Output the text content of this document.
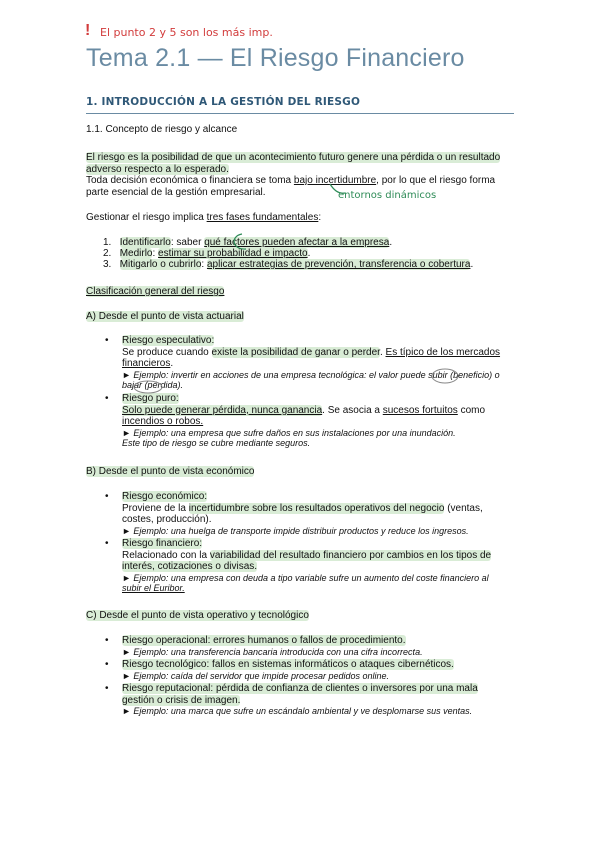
! El punto 2 y 5 son los más imp.
Tema 2.1 — El Riesgo Financiero
1. INTRODUCCIÓN A LA GESTIÓN DEL RIESGO
1.1. Concepto de riesgo y alcance
El riesgo es la posibilidad de que un acontecimiento futuro genere una pérdida o un resultado
adverso respecto a lo esperado.
Toda decisión económica o financiera se toma bajo incertidumbre, por lo que el riesgo forma
parte esencial de la gestión empresarial.	entornos dinámicos
Gestionar el riesgo implica tres fases fundamentales:
1. Identificarlo: saber qué factores pueden afectar a la empresa.
2. Medirlo: estimar su probabilidad e impacto.
3. Mitigarlo o cubrirlo: aplicar estrategias de prevención, transferencia o cobertura.
Clasificación general del riesgo
A) Desde el punto de vista actuarial
• Riesgo especulativo:
Se produce cuando existe la posibilidad de ganar o perder. Es típico de los mercados
financieros.
► Ejemplo: invertir en acciones de una empresa tecnológica: el valor puede subir (beneficio) o
bajar (pérdida).
• Riesgo puro:
Solo puede generar pérdida, nunca ganancia. Se asocia a sucesos fortuitos como
incendios o robos.
► Ejemplo: una empresa que sufre daños en sus instalaciones por una inundación.
Este tipo de riesgo se cubre mediante seguros.
B) Desde el punto de vista económico
• Riesgo económico:
Proviene de la incertidumbre sobre los resultados operativos del negocio (ventas,
costes, producción).
► Ejemplo: una huelga de transporte impide distribuir productos y reduce los ingresos.
• Riesgo financiero:
Relacionado con la variabilidad del resultado financiero por cambios en los tipos de
interés, cotizaciones o divisas.
► Ejemplo: una empresa con deuda a tipo variable sufre un aumento del coste financiero al
subir el Euribor.
C) Desde el punto de vista operativo y tecnológico
• Riesgo operacional: errores humanos o fallos de procedimiento.
► Ejemplo: una transferencia bancaria introducida con una cifra incorrecta.
• Riesgo tecnológico: fallos en sistemas informáticos o ataques cibernéticos.
► Ejemplo: caída del servidor que impide procesar pedidos online.
• Riesgo reputacional: pérdida de confianza de clientes o inversores por una mala
gestión o crisis de imagen.
► Ejemplo: una marca que sufre un escándalo ambiental y ve desplomarse sus ventas.
